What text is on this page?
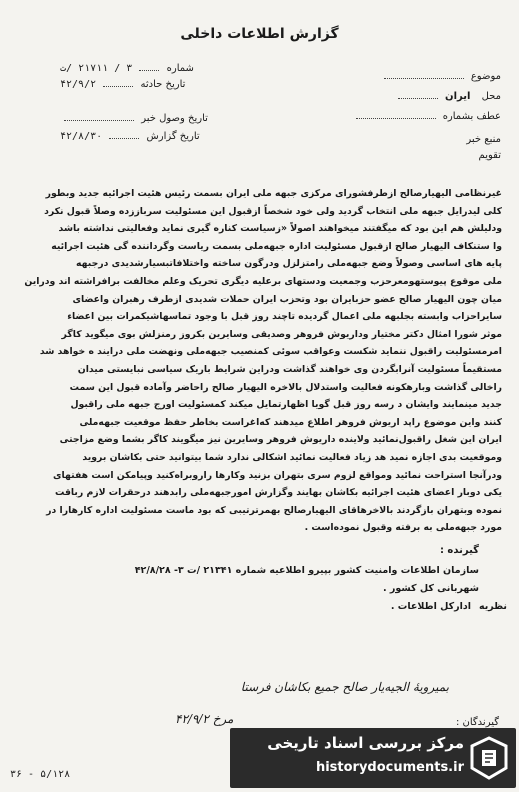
گزارش اطلاعات داخلی
شماره  ۳ / ۲۱۷۱۱ /ت
تاریخ حادثه  ۴۲/۹/۲
تاریخ وصول خبر
تاریخ گزارش  ۴۲/۸/۳۰
موضوع
محل ایران
عطف بشماره
منبع خبر
تقویم
غیرنظامی الیهیارصالح ازطرفشورای مرکزی جبهه ملی ایران بسمت رئیس هئیت اجرائیه جدید وبطور
کلی لیدرایل جبهه ملی انتخاب گردید ولی خود شخصاً ازقبول این مسئولیت سرباززده وصلاً قبول نکرد
ودلیلش هم این بود که میگفتند میخواهند اصولاً «زسیاست کناره گیری نماید وفعالیتی نداشته باشد
وا ستنکاف الیهیار صالح ازقبول مسئولیت اداره جبهه‌ملی بسمت ریاست وگرداننده گی هئیت اجرائیه
پایه های اساسی وصولاً وضع جبهه‌ملی رامتزلزل ودرگون ساخته واختلافاتبسیارشدیدی درجبهه
ملی موقوع پیوستهومعرحزب وجمعیت ودستهای برعلیه دیگری تحریک وعلم مخالفت برافراشته اند ودراین
میان چون الیهیار صالح عضو حزبایران بود وتحزب ایران حملات شدیدی ازطرف رهبران واعضای
سایراحزاب وابسته بجلبهه ملی اعمال گردیده تاچند روز قبل با وجود تماسهاشیکمرات بین اعضاء
موثر شورا امثال دکتر مختیار وداریوش فروهر وصدیقی وسایرین بکروز رمنزلش بوی میگوید کاگر
امرمسئولیت راقبول ننماید شکست وعواقب سوئی کمنصیب جبهه‌ملی ونهضت ملی درایند ه خواهد شد
مستقیماً مسئولیت آنرابگردن وی خواهند گذاشت ودراین شرایط باریک سیاسی نبایستی میدان
راخالی گذاشت وبارهکونه فعالیت واستدلال بالاخره الیهیار صالح راحاضر وآماده قبول این سمت
جدید مینمایند وایشان د رسه روز قبل گویا اظهارتمایل میکند کمسئولیت اورج جبهه ملی راقبول
کنند واین موضوع راپد اریوش فروهر اطلاع میدهند که‌اغراست بخاطر حفظ موقعیت جبهه‌ملی
ایران این شغل راقبول‌نمائید ولاینده داریوش فروهر وسایرین نیز میگویند کاگر بشما وضع مزاجتی
وموقعیت بدی اجازه نمید هد زیاد فعالیت نمائید اشکالی ندارد شما بیتوانید حتی بکاشان بروید
ودرآنجا استراحت نمائید ومواقع لزوم سری بتهران بزنید وکارها راروبراه‌کنید وپیامکن است هفتهای
یکی دوبار اعضای هئیت اجرائیه بکاشان بهایند وگزارش امورجبهه‌ملی رابدهند درحقرات لازم رباقت
نموده وبتهران بازگردند بالاخرهاقای الیهیارصالح بهمرترتیبی که بود ماست مسئولیت اداره کارهارا در
مورد جبهه‌ملی به برفته وقبول نموده‌است .
گیرنده :
سازمان اطلاعات وامنیت کشور بپیرو اطلاعیه شماره ۲۱۳۴۱ /ت ۳- ۴۲/۸/۲۸
شهربانی کل کشور .
نظریه
ادارکل اطلاعات .
بمیرویۀ الجیه‌یار صالح جمیع بکاشان فرستا
۴۲/۹/۲ مرخ	گیرندگان :
۳۶ - ۵/۱۲۸
مرکز بررسی اسناد تاریخی
historydocuments.ir
